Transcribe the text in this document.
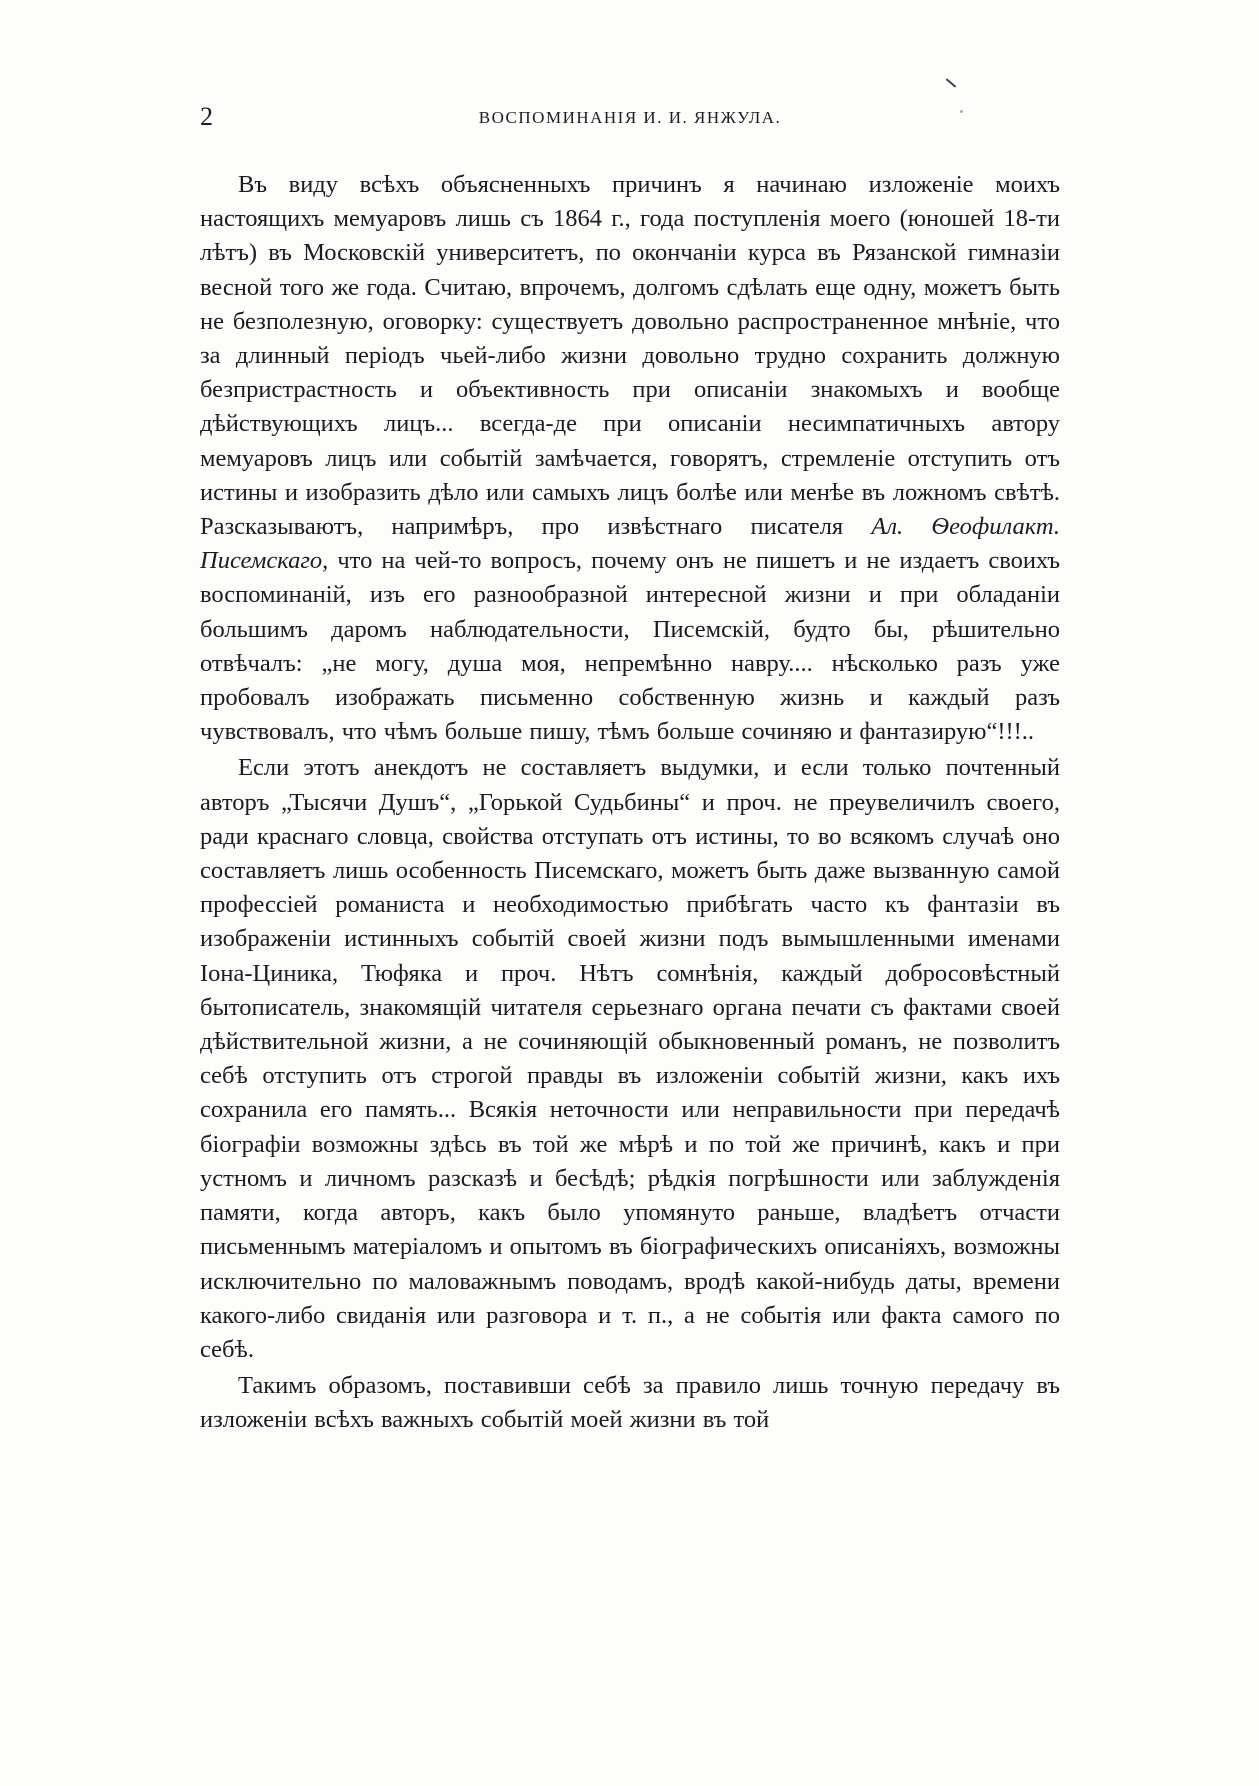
2	ВОСПОМИНАНІЯ И. И. ЯНЖУЛА.

Въ виду всѣхъ объясненныхъ причинъ я начинаю изложеніе моихъ настоящихъ мемуаровъ лишь съ 1864 г., года поступленія моего (юношей 18-ти лѣтъ) въ Московскій университетъ, по окончаніи курса въ Рязанской гимназіи весной того же года. Считаю, впрочемъ, долгомъ сдѣлать еще одну, можетъ быть не безполезную, оговорку: существуетъ довольно распространенное мнѣніе, что за длинный періодъ чьей-либо жизни довольно трудно сохранить должную безпристрастность и объективность при описаніи знакомыхъ и вообще дѣйствующихъ лицъ... всегда-де при описаніи несимпатичныхъ автору мемуаровъ лицъ или событій замѣчается, говорятъ, стремленіе отступить отъ истины и изобразить дѣло или самыхъ лицъ болѣе или менѣе въ ложномъ свѣтѣ. Разсказываютъ, напримѣръ, про извѣстнаго писателя Ал. Ѳеофилакт. Писемскаго, что на чей-то вопросъ, почему онъ не пишетъ и не издаетъ своихъ воспоминаній, изъ его разнообразной интересной жизни и при обладаніи большимъ даромъ наблюдательности, Писемскій, будто бы, рѣшительно отвѣчалъ: „не могу, душа моя, непремѣнно навру.... нѣсколько разъ уже пробовалъ изображать письменно собственную жизнь и каждый разъ чувствовалъ, что чѣмъ больше пишу, тѣмъ больше сочиняю и фантазирую“!!!..

Если этотъ анекдотъ не составляетъ выдумки, и если только почтенный авторъ „Тысячи Душъ“, „Горькой Судьбины“ и проч. не преувеличилъ своего, ради краснаго словца, свойства отступать отъ истины, то во всякомъ случаѣ оно составляетъ лишь особенность Писемскаго, можетъ быть даже вызванную самой профессіей романиста и необходимостью прибѣгать часто къ фантазіи въ изображеніи истинныхъ событій своей жизни подъ вымышленными именами Іона-Циника, Тюфяка и проч. Нѣтъ сомнѣнія, каждый добросовѣстный бытописатель, знакомящій читателя серьезнаго органа печати съ фактами своей дѣйствительной жизни, а не сочиняющій обыкновенный романъ, не позволитъ себѣ отступить отъ строгой правды въ изложеніи событій жизни, какъ ихъ сохранила его память... Всякія неточности или неправильности при передачѣ біографіи возможны здѣсь въ той же мѣрѣ и по той же причинѣ, какъ и при устномъ и личномъ разсказѣ и бесѣдѣ; рѣдкія погрѣшности или заблужденія памяти, когда авторъ, какъ было упомянуто раньше, владѣетъ отчасти письменнымъ матеріаломъ и опытомъ въ біографическихъ описаніяхъ, возможны исключительно по маловажнымъ поводамъ, вродѣ какой-нибудь даты, времени какого-либо свиданія или разговора и т. п., а не событія или факта самого по себѣ.

Такимъ образомъ, поставивши себѣ за правило лишь точную передачу въ изложеніи всѣхъ важныхъ событій моей жизни въ той
